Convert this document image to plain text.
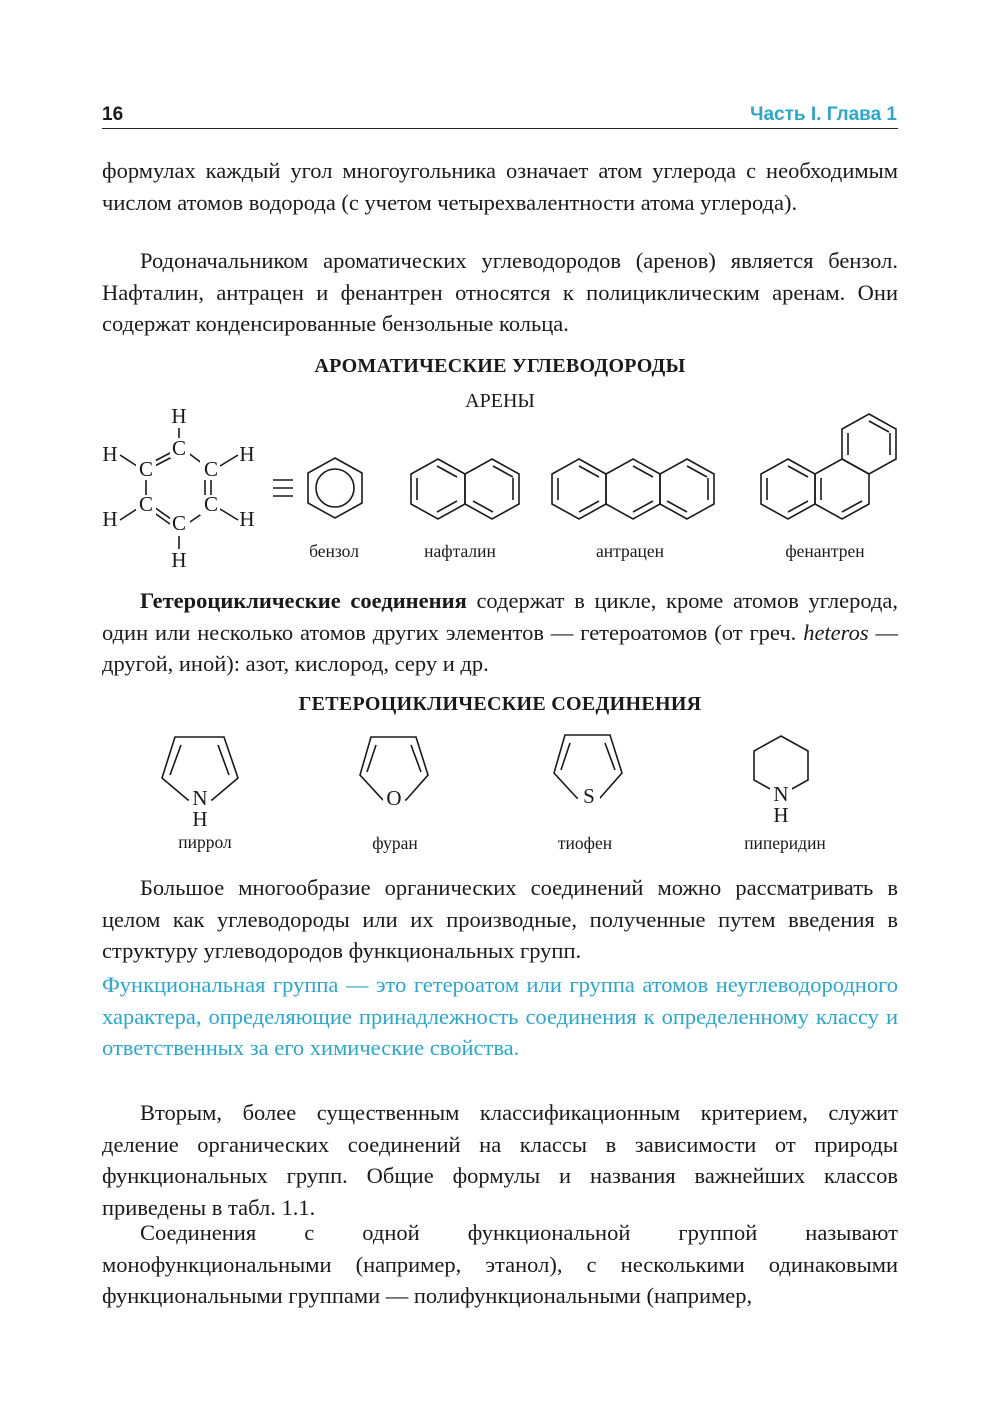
16	Часть I. Глава 1

формулах каждый угол многоугольника означает атом углерода с необходимым числом атомов водорода (с учетом четырехвалентности атома углерода).

Родоначальником ароматических углеводородов (аренов) является бензол. Нафталин, антрацен и фенантрен относятся к полициклическим аренам. Они содержат конденсированные бензольные кольца.

АРОМАТИЧЕСКИЕ УГЛЕВОДОРОДЫ
АРЕНЫ
H
H	H
H	H
H
C
C C
C C
C
N
H
O	S	N
H
бензол	нафталин	антрацен	фенантрен

Гетероциклические соединения содержат в цикле, кроме атомов углерода, один или несколько атомов других элементов — гетероатомов (от греч. heteros — другой, иной): азот, кислород, серу и др.

ГЕТЕРОЦИКЛИЧЕСКИЕ СОЕДИНЕНИЯ
пиррол	фуран	тиофен	пиперидин

Большое многообразие органических соединений можно рассматривать в целом как углеводороды или их производные, полученные путем введения в структуру углеводородов функциональных групп.

Функциональная группа — это гетероатом или группа атомов неуглеводородного характера, определяющие принадлежность соединения к определенному классу и ответственных за его химические свойства.

Вторым, более существенным классификационным критерием, служит деление органических соединений на классы в зависимости от природы функциональных групп. Общие формулы и названия важнейших классов приведены в табл. 1.1.

Соединения с одной функциональной группой называют монофункциональными (например, этанол), с несколькими одинаковыми функциональными группами — полифункциональными (например,
